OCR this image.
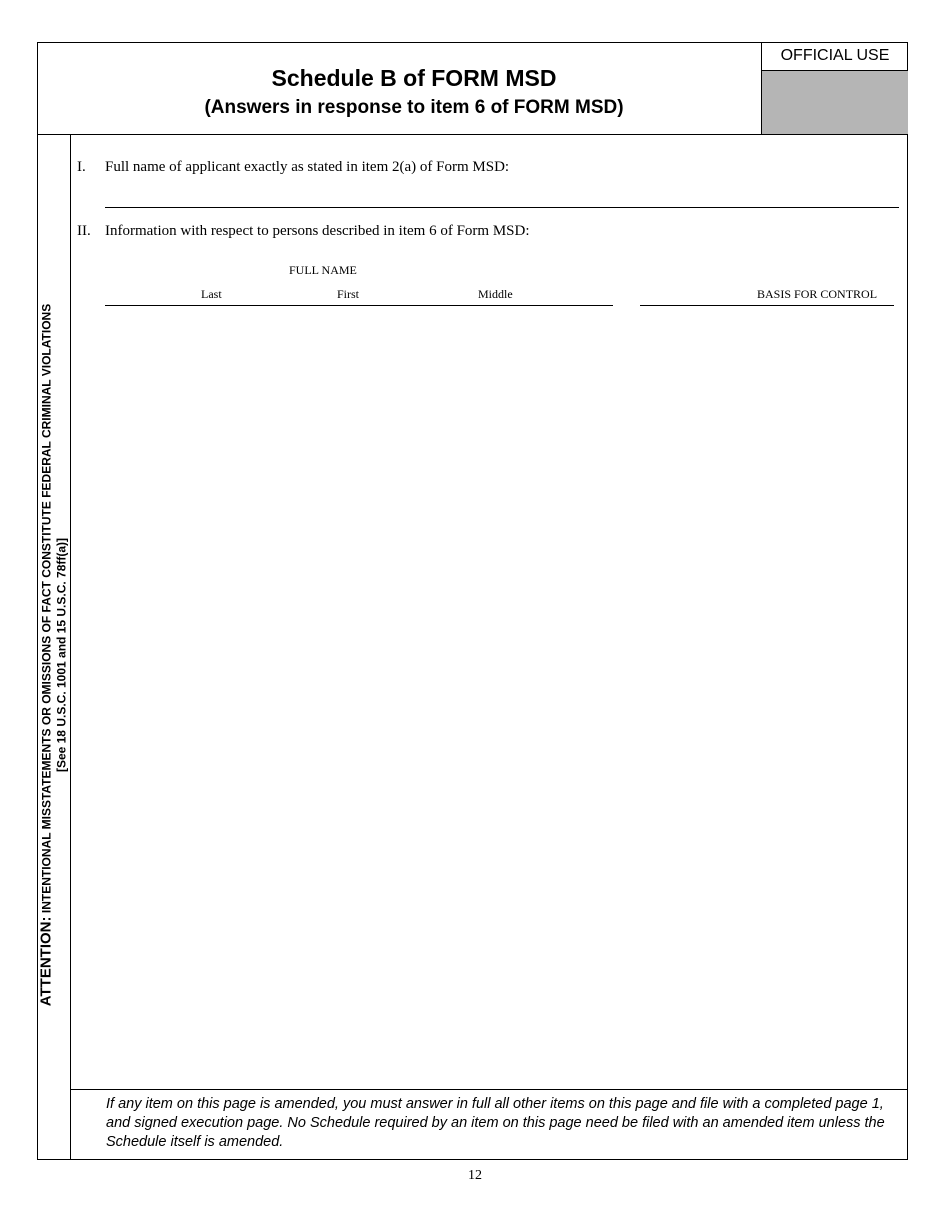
Schedule B of FORM MSD
(Answers in response to item 6 of FORM MSD)
OFFICIAL USE
ATTENTION: INTENTIONAL MISSTATEMENTS OR OMISSIONS OF FACT CONSTITUTE FEDERAL CRIMINAL VIOLATIONS [See 18 U.S.C. 1001 and 15 U.S.C. 78ff(a)]
I. Full name of applicant exactly as stated in item 2(a) of Form MSD:
II. Information with respect to persons described in item 6 of Form MSD:
FULL NAME
Last	First	Middle	BASIS FOR CONTROL
If any item on this page is amended, you must answer in full all other items on this page and file with a completed page 1, and signed execution page. No Schedule required by an item on this page need be filed with an amended item unless the Schedule itself is amended.
12
